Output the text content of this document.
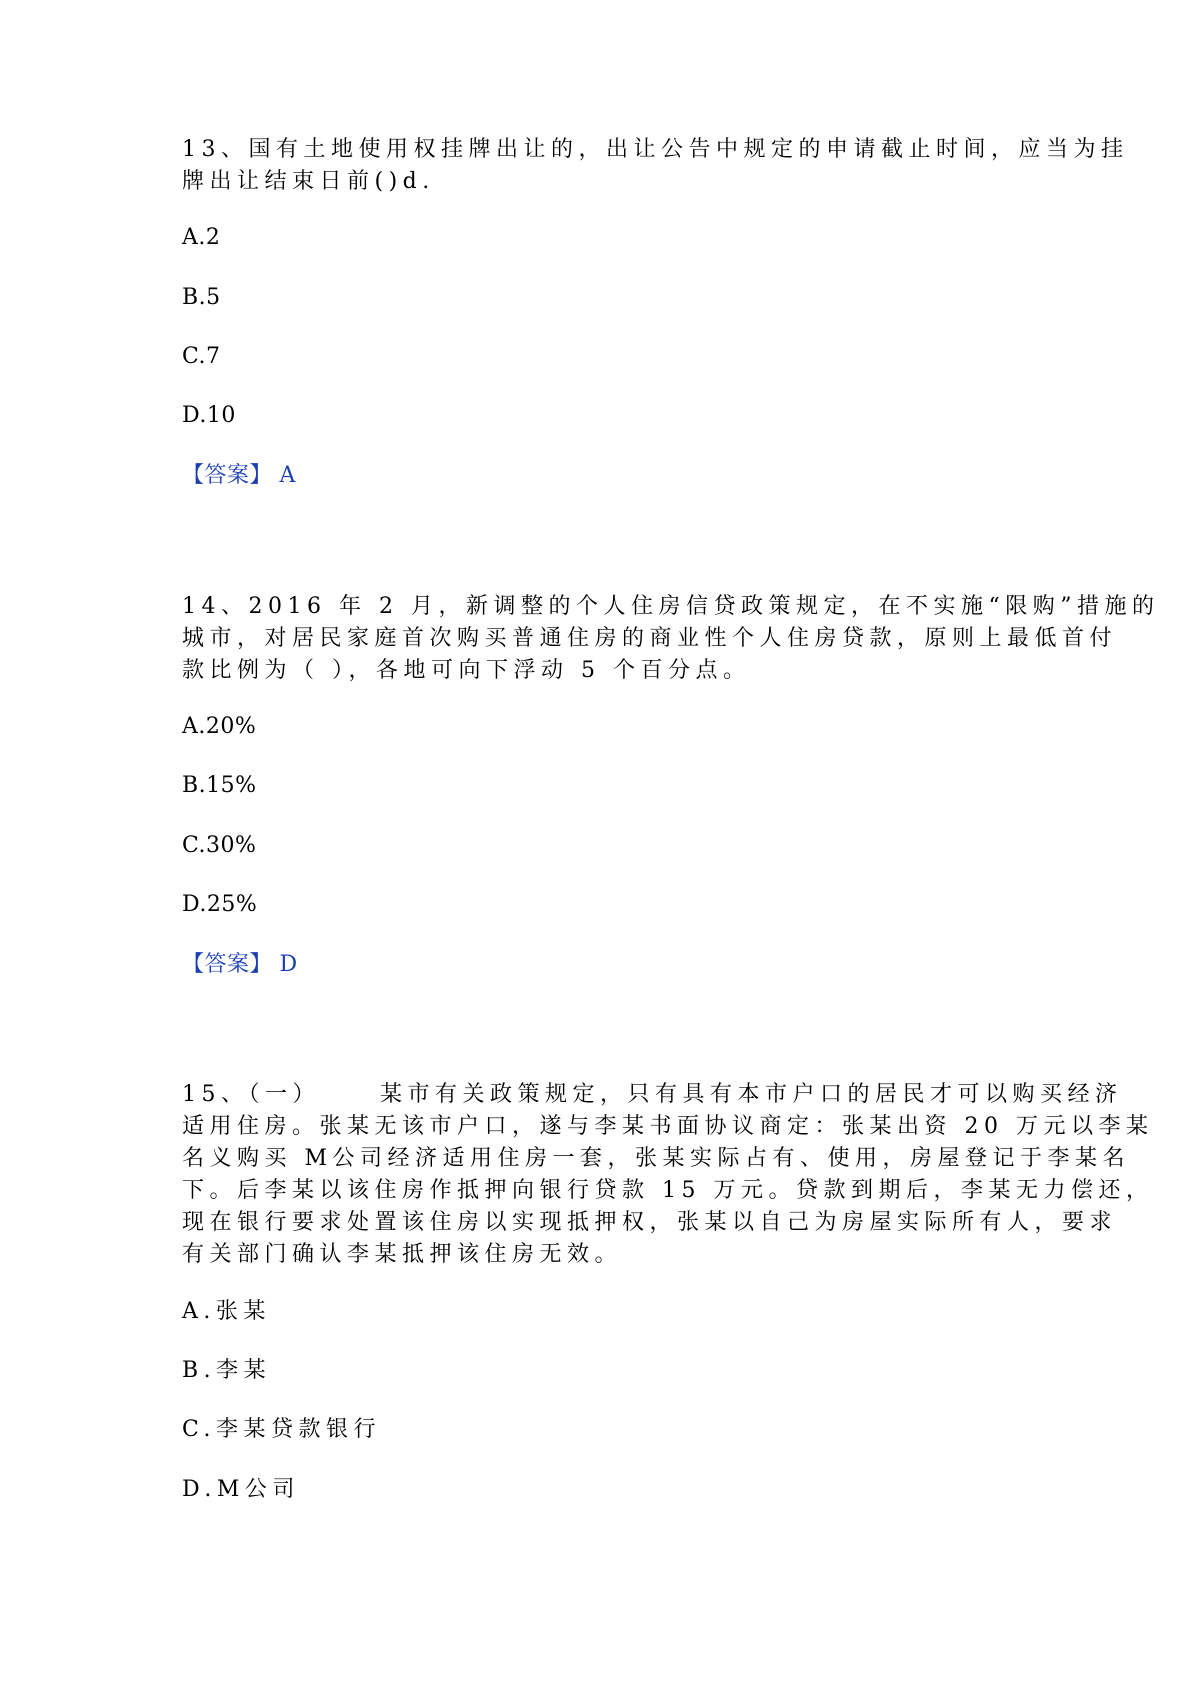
13、国有土地使用权挂牌出让的，出让公告中规定的申请截止时间，应当为挂
牌出让结束日前()d.
A.2
B.5
C.7
D.10
【答案】 A
14、2016 年 2 月，新调整的个人住房信贷政策规定，在不实施“限购”措施的
城市，对居民家庭首次购买普通住房的商业性个人住房贷款，原则上最低首付
款比例为（ ），各地可向下浮动 5 个百分点。
A.20%
B.15%
C.30%
D.25%
【答案】 D
15、（一）	某市有关政策规定，只有具有本市户口的居民才可以购买经济
适用住房。张某无该市户口，遂与李某书面协议商定：张某出资 20 万元以李某
名义购买 M公司经济适用住房一套，张某实际占有、使用，房屋登记于李某名
下。后李某以该住房作抵押向银行贷款 15 万元。贷款到期后，李某无力偿还，
现在银行要求处置该住房以实现抵押权，张某以自己为房屋实际所有人，要求
有关部门确认李某抵押该住房无效。
A.张某
B.李某
C.李某贷款银行
D.M公司
